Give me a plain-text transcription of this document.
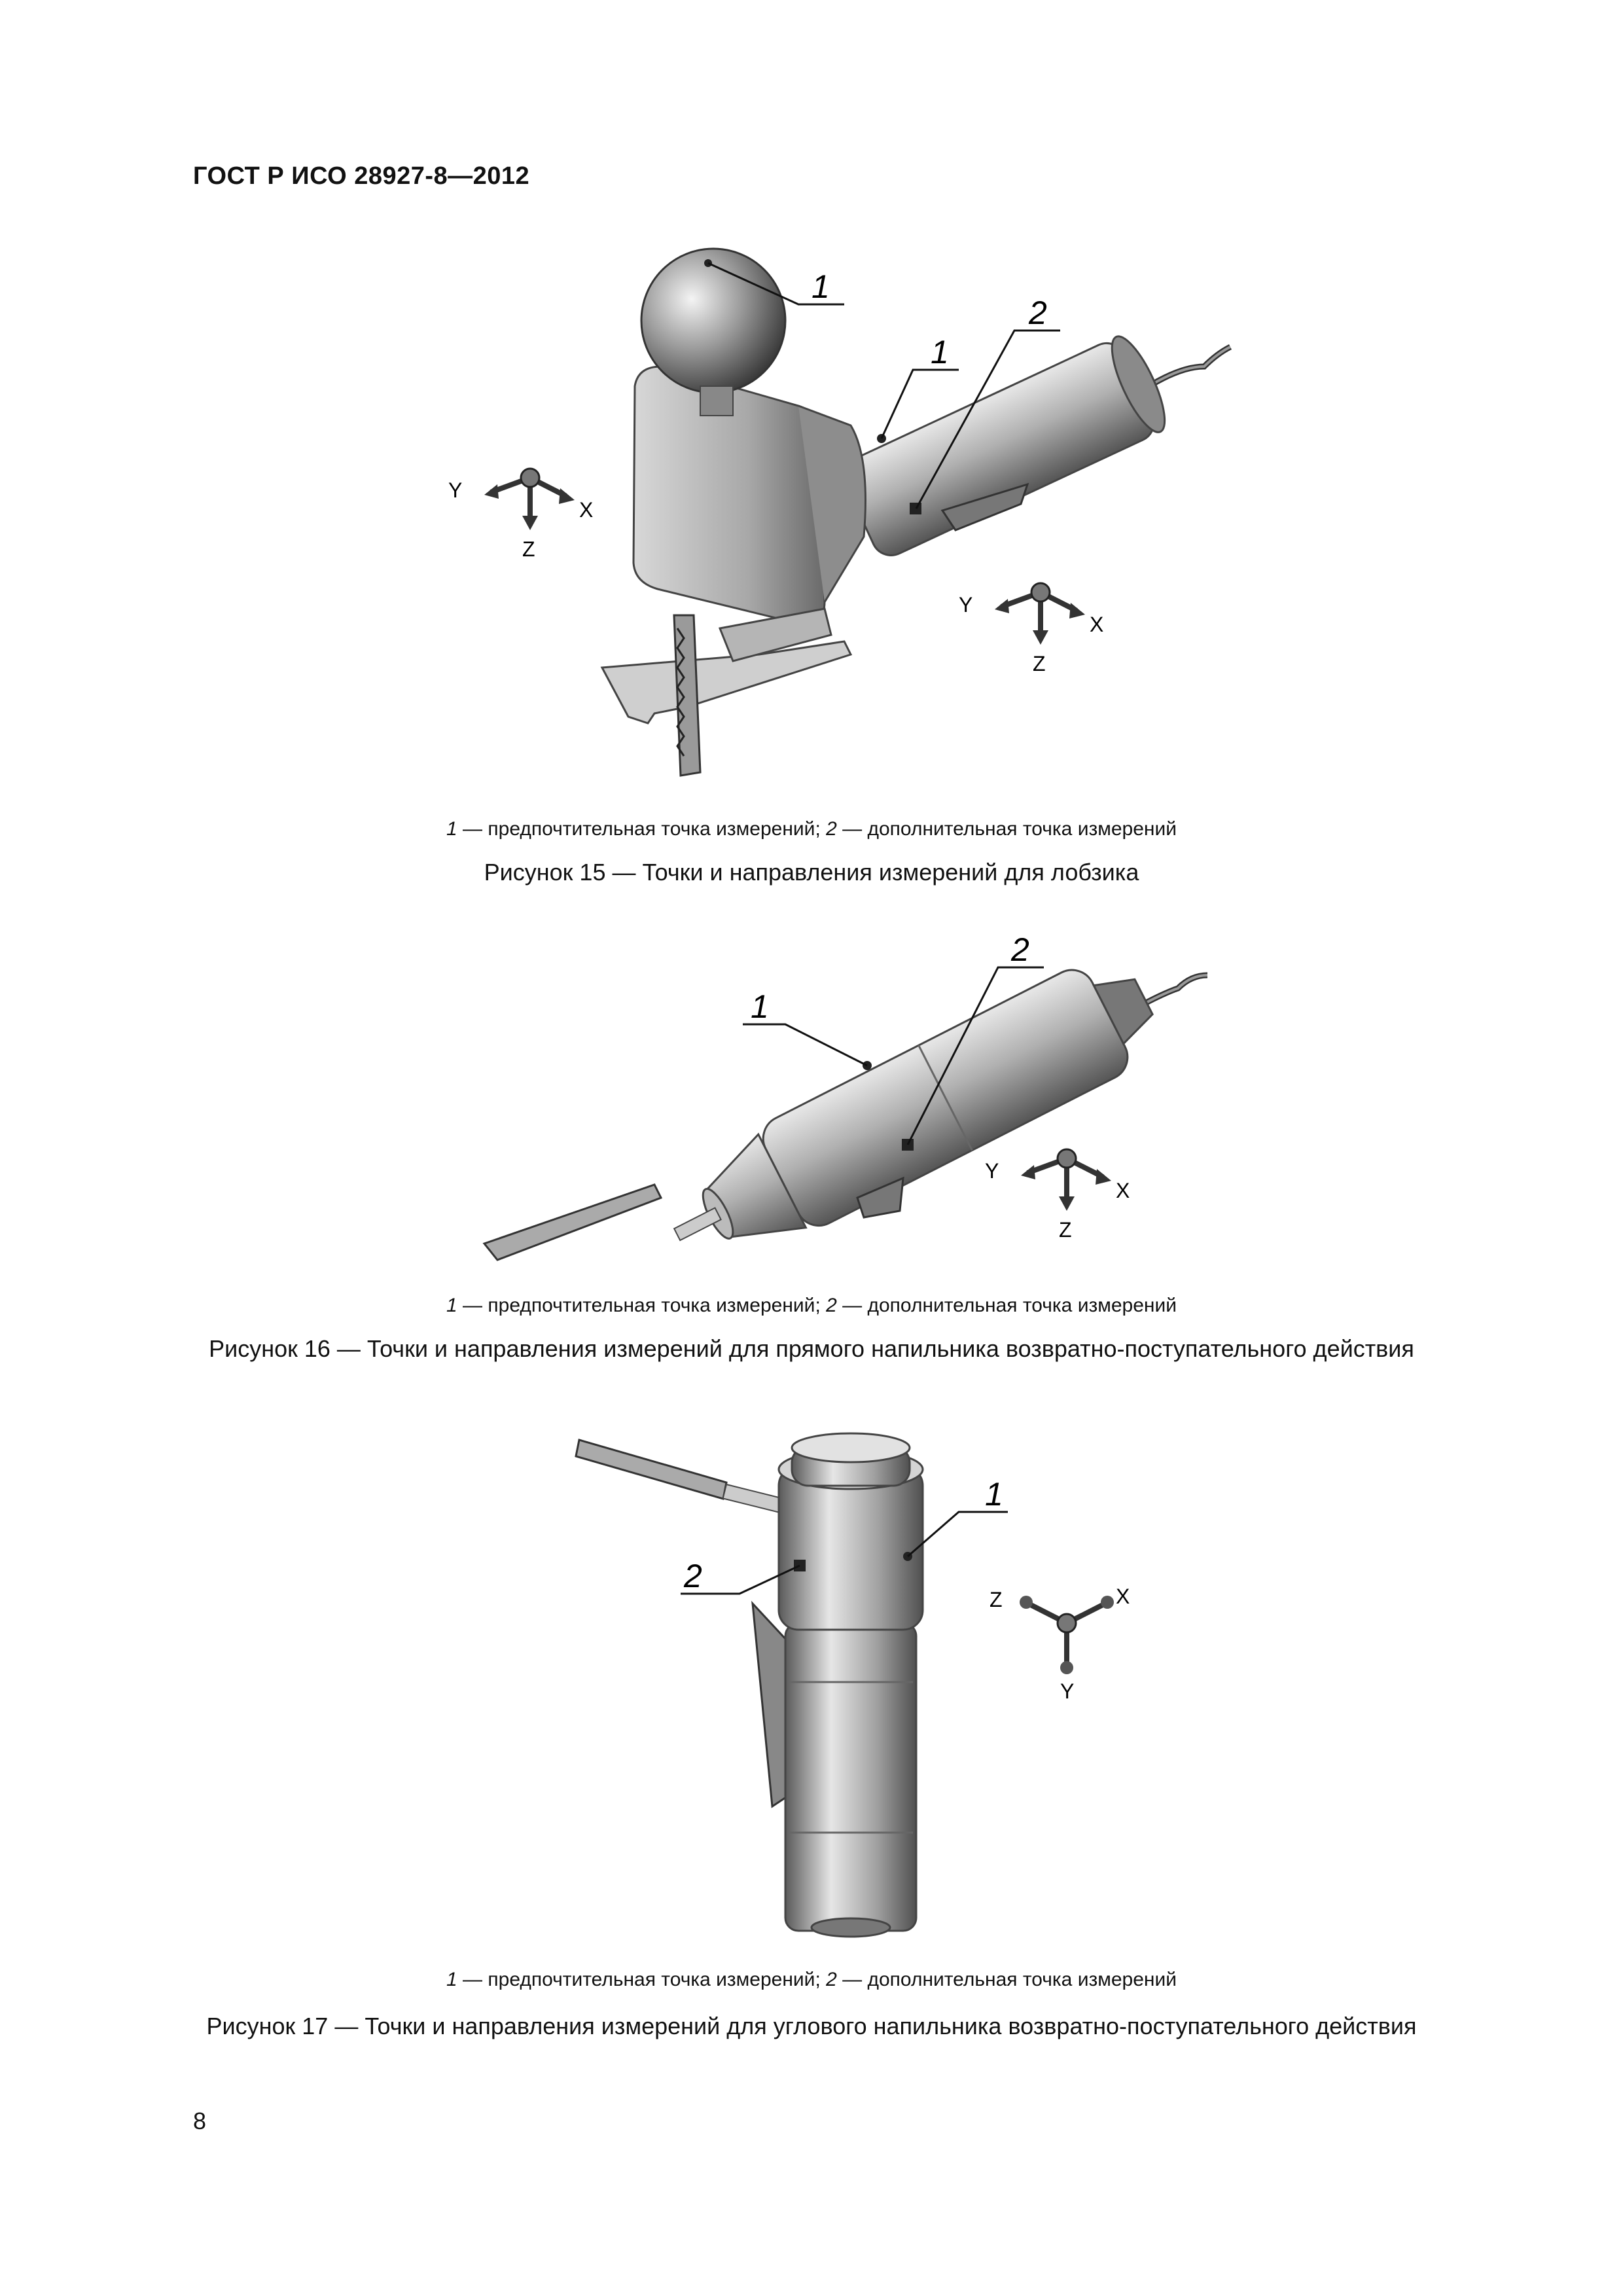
ГОСТ Р ИСО 28927-8—2012
1
1
2
Y
X
Z
Y
X
Z
1 — предпочтительная точка измерений; 2 — дополнительная точка измерений
Рисунок 15 — Точки и направления измерений для лобзика
1
2
Y
X
Z
1 — предпочтительная точка измерений; 2 — дополнительная точка измерений
Рисунок 16 — Точки и направления измерений для прямого напильника возвратно-поступательного действия
1
2
Z	X
Y
1 — предпочтительная точка измерений; 2 — дополнительная точка измерений
Рисунок 17 — Точки и направления измерений для углового напильника возвратно-поступательного действия
8
